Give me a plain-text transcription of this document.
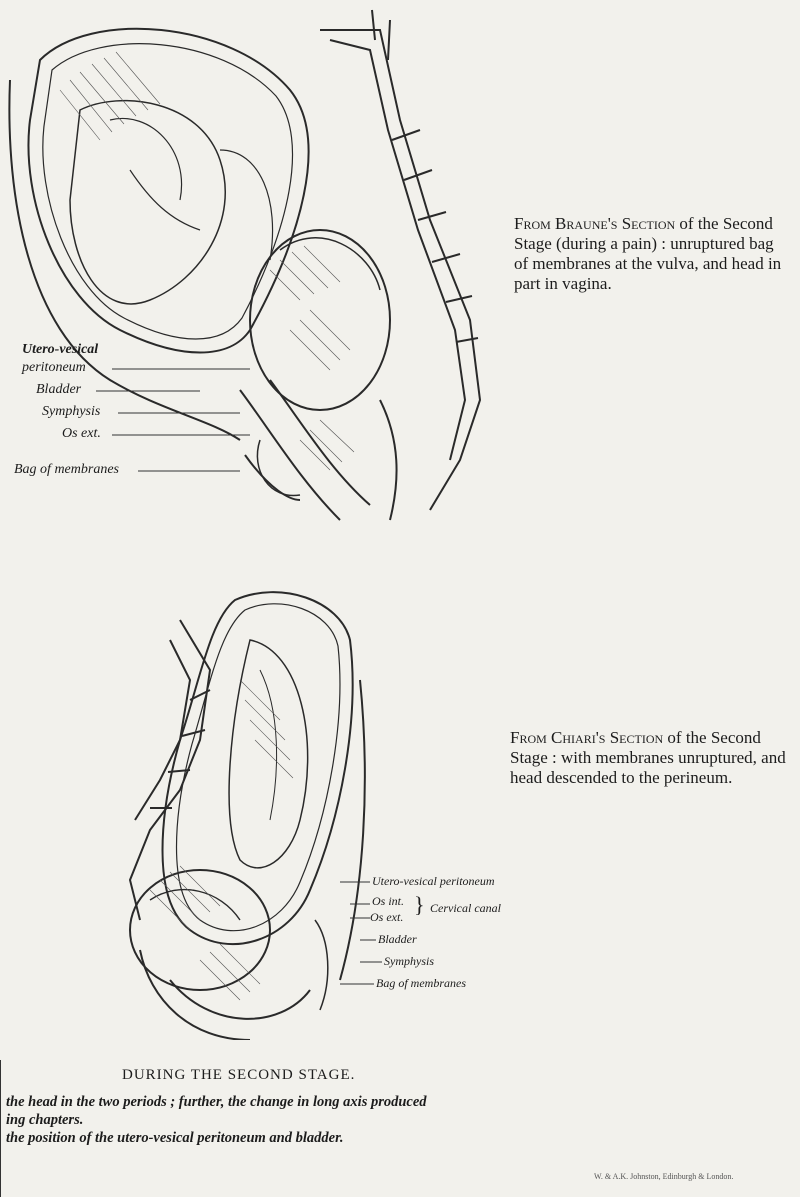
Utero-vesical
peritoneum
Bladder
Symphysis
Os ext.
Bag of membranes
From Braune's Section of the Second Stage (during a pain) : unruptured bag of membranes at the vulva, and head in part in vagina.
From Chiari's Section of the Second Stage : with membranes unruptured, and head descended to the perineum.
Utero-vesical peritoneum
Os int.
Os ext. } Cervical canal
Bladder
Symphysis
Bag of membranes
DURING THE SECOND STAGE.
the head in the two periods ; further, the change in long axis produced
ing chapters.
the position of the utero-vesical peritoneum and bladder.
W. & A.K. Johnston, Edinburgh & London.
